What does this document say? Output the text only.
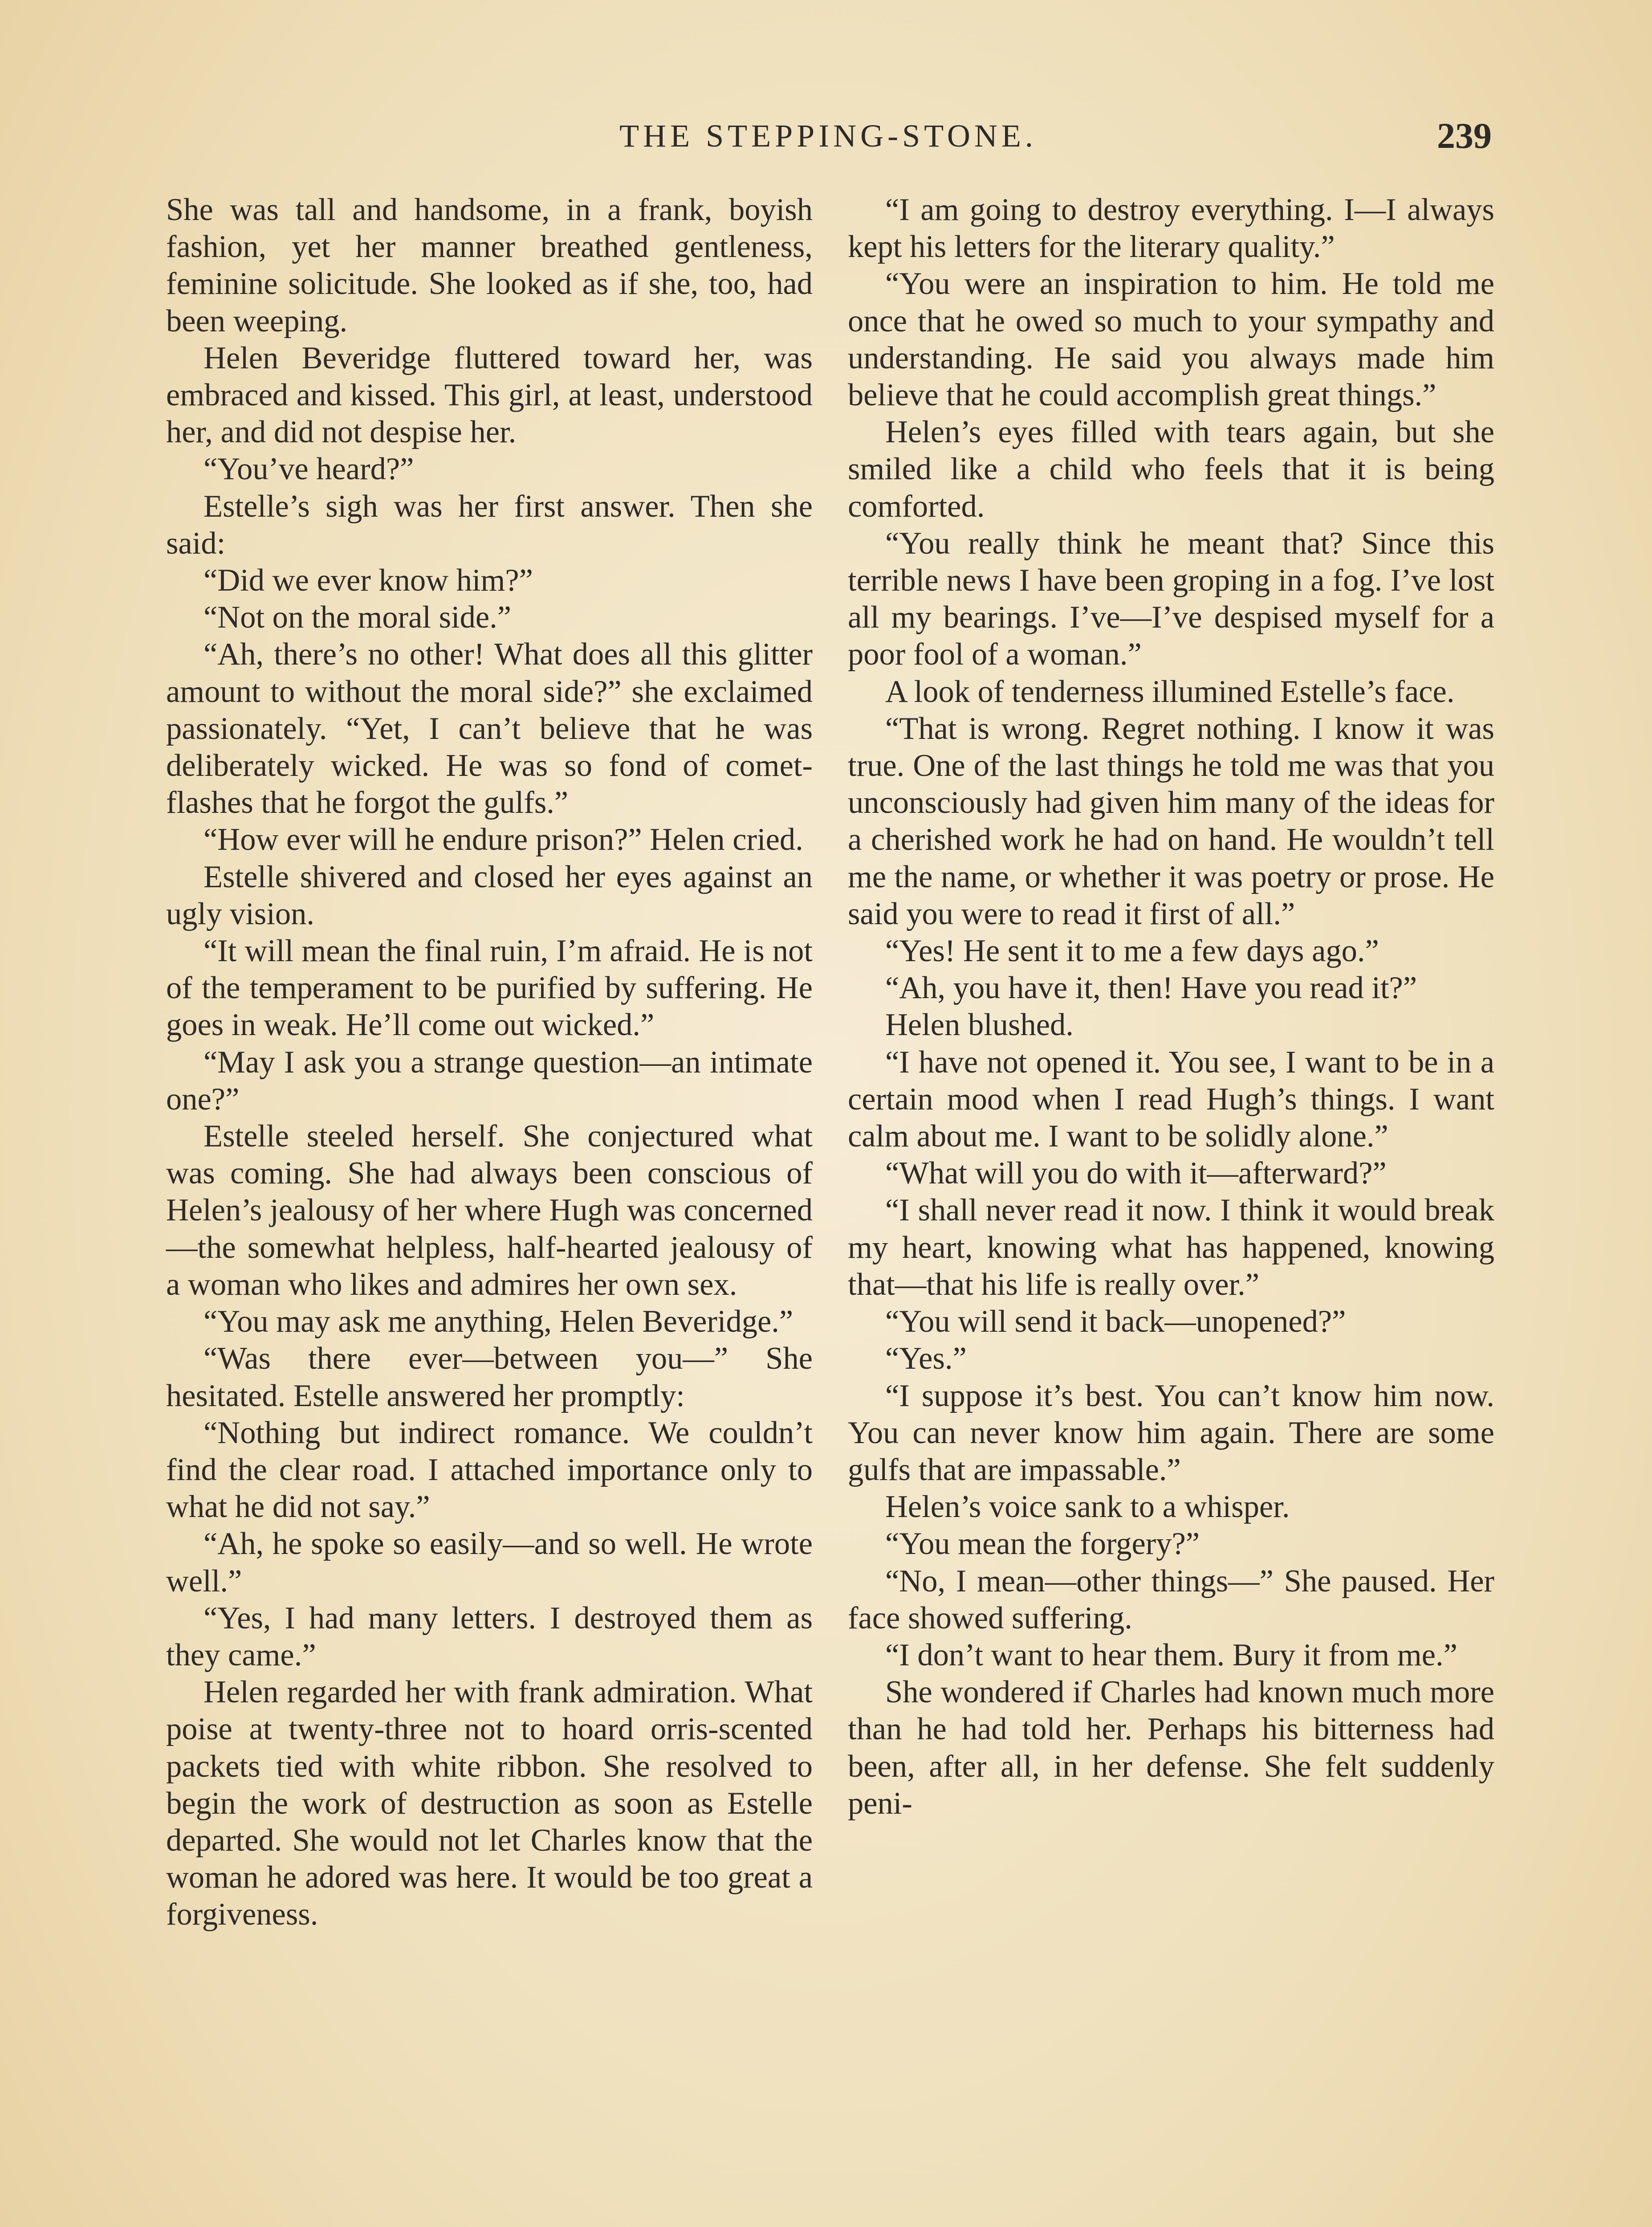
THE STEPPING-STONE.	239

She was tall and handsome, in a frank, boyish fashion, yet her manner breathed gentleness, feminine solicitude. She looked as if she, too, had been weeping.

Helen Beveridge fluttered toward her, was embraced and kissed. This girl, at least, understood her, and did not despise her.

“You’ve heard?”

Estelle’s sigh was her first answer. Then she said:

“Did we ever know him?”

“Not on the moral side.”

“Ah, there’s no other! What does all this glitter amount to without the moral side?” she exclaimed passionately. “Yet, I can’t believe that he was deliberately wicked. He was so fond of comet-flashes that he forgot the gulfs.”

“How ever will he endure prison?” Helen cried.

Estelle shivered and closed her eyes against an ugly vision.

“It will mean the final ruin, I’m afraid. He is not of the temperament to be purified by suffering. He goes in weak. He’ll come out wicked.”

“May I ask you a strange question—an intimate one?”

Estelle steeled herself. She conjectured what was coming. She had always been conscious of Helen’s jealousy of her where Hugh was concerned—the somewhat helpless, half-hearted jealousy of a woman who likes and admires her own sex.

“You may ask me anything, Helen Beveridge.”

“Was there ever—between you—” She hesitated. Estelle answered her promptly:

“Nothing but indirect romance. We couldn’t find the clear road. I attached importance only to what he did not say.”

“Ah, he spoke so easily—and so well. He wrote well.”

“Yes, I had many letters. I destroyed them as they came.”

Helen regarded her with frank admiration. What poise at twenty-three not to hoard orris-scented packets tied with white ribbon. She resolved to begin the work of destruction as soon as Estelle departed. She would not let Charles know that the woman he adored was here. It would be too great a forgiveness.

“I am going to destroy everything. I—I always kept his letters for the literary quality.”

“You were an inspiration to him. He told me once that he owed so much to your sympathy and understanding. He said you always made him believe that he could accomplish great things.”

Helen’s eyes filled with tears again, but she smiled like a child who feels that it is being comforted.

“You really think he meant that? Since this terrible news I have been groping in a fog. I’ve lost all my bearings. I’ve—I’ve despised myself for a poor fool of a woman.”

A look of tenderness illumined Estelle’s face.

“That is wrong. Regret nothing. I know it was true. One of the last things he told me was that you unconsciously had given him many of the ideas for a cherished work he had on hand. He wouldn’t tell me the name, or whether it was poetry or prose. He said you were to read it first of all.”

“Yes! He sent it to me a few days ago.”

“Ah, you have it, then! Have you read it?”

Helen blushed.

“I have not opened it. You see, I want to be in a certain mood when I read Hugh’s things. I want calm about me. I want to be solidly alone.”

“What will you do with it—afterward?”

“I shall never read it now. I think it would break my heart, knowing what has happened, knowing that—that his life is really over.”

“You will send it back—unopened?”

“Yes.”

“I suppose it’s best. You can’t know him now. You can never know him again. There are some gulfs that are impassable.”

Helen’s voice sank to a whisper.

“You mean the forgery?”

“No, I mean—other things—” She paused. Her face showed suffering.

“I don’t want to hear them. Bury it from me.”

She wondered if Charles had known much more than he had told her. Perhaps his bitterness had been, after all, in her defense. She felt suddenly peni-
